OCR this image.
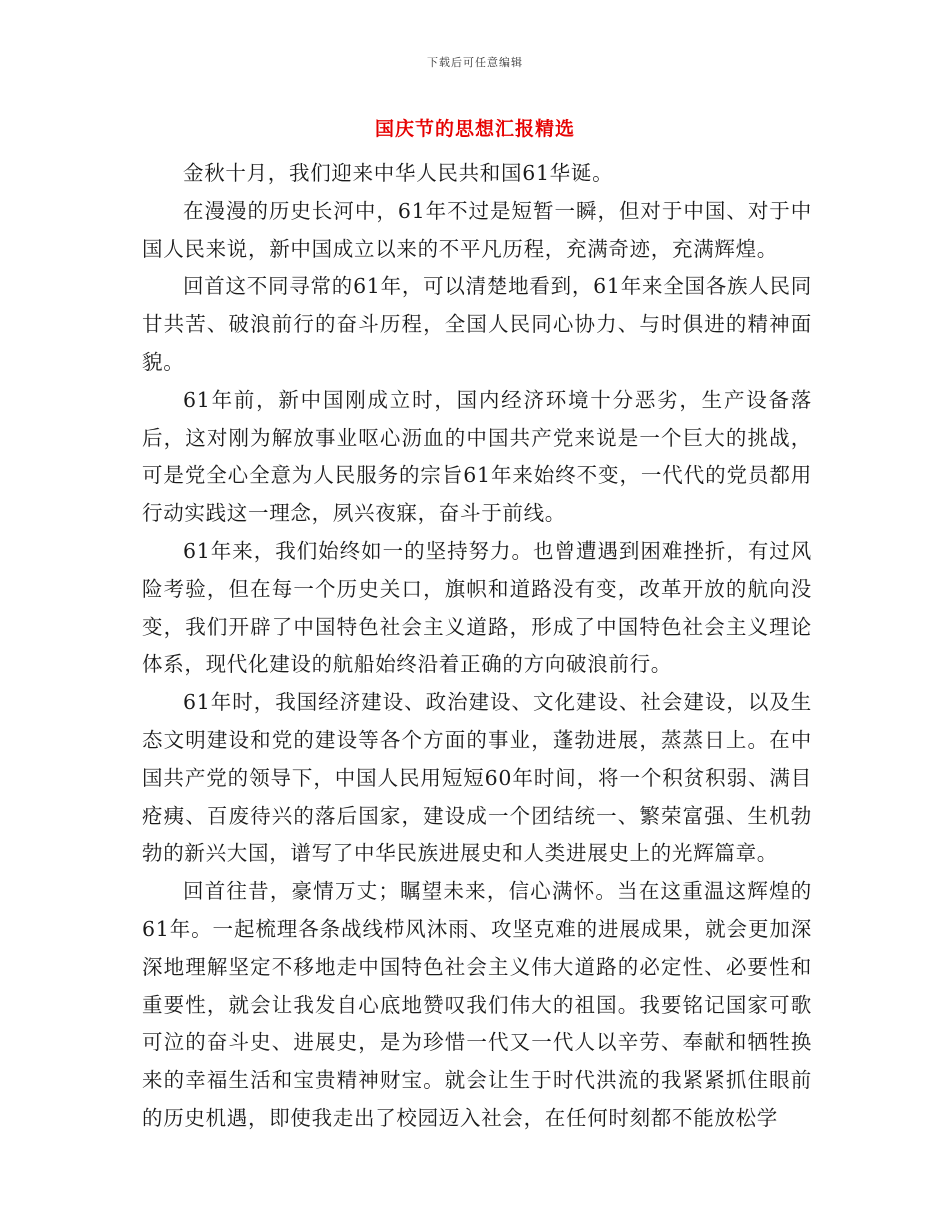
下载后可任意编辑
国庆节的思想汇报精选

金秋十月，我们迎来中华人民共和国61华诞。

在漫漫的历史长河中，61年不过是短暂一瞬，但对于中国、对于中国人民来说，新中国成立以来的不平凡历程，充满奇迹，充满辉煌。

回首这不同寻常的61年，可以清楚地看到，61年来全国各族人民同甘共苦、破浪前行的奋斗历程，全国人民同心协力、与时俱进的精神面貌。

61年前，新中国刚成立时，国内经济环境十分恶劣，生产设备落后，这对刚为解放事业呕心沥血的中国共产党来说是一个巨大的挑战，可是党全心全意为人民服务的宗旨61年来始终不变，一代代的党员都用行动实践这一理念，夙兴夜寐，奋斗于前线。

61年来，我们始终如一的坚持努力。也曾遭遇到困难挫折，有过风险考验，但在每一个历史关口，旗帜和道路没有变，改革开放的航向没变，我们开辟了中国特色社会主义道路，形成了中国特色社会主义理论体系，现代化建设的航船始终沿着正确的方向破浪前行。

61年时，我国经济建设、政治建设、文化建设、社会建设，以及生态文明建设和党的建设等各个方面的事业，蓬勃进展，蒸蒸日上。在中国共产党的领导下，中国人民用短短60年时间，将一个积贫积弱、满目疮痍、百废待兴的落后国家，建设成一个团结统一、繁荣富强、生机勃勃的新兴大国，谱写了中华民族进展史和人类进展史上的光辉篇章。

回首往昔，豪情万丈；瞩望未来，信心满怀。当在这重温这辉煌的61年。一起梳理各条战线栉风沐雨、攻坚克难的进展成果，就会更加深深地理解坚定不移地走中国特色社会主义伟大道路的必定性、必要性和重要性，就会让我发自心底地赞叹我们伟大的祖国。我要铭记国家可歌可泣的奋斗史、进展史，是为珍惜一代又一代人以辛劳、奉献和牺牲换来的幸福生活和宝贵精神财宝。就会让生于时代洪流的我紧紧抓住眼前的历史机遇，即使我走出了校园迈入社会，在任何时刻都不能放松学
